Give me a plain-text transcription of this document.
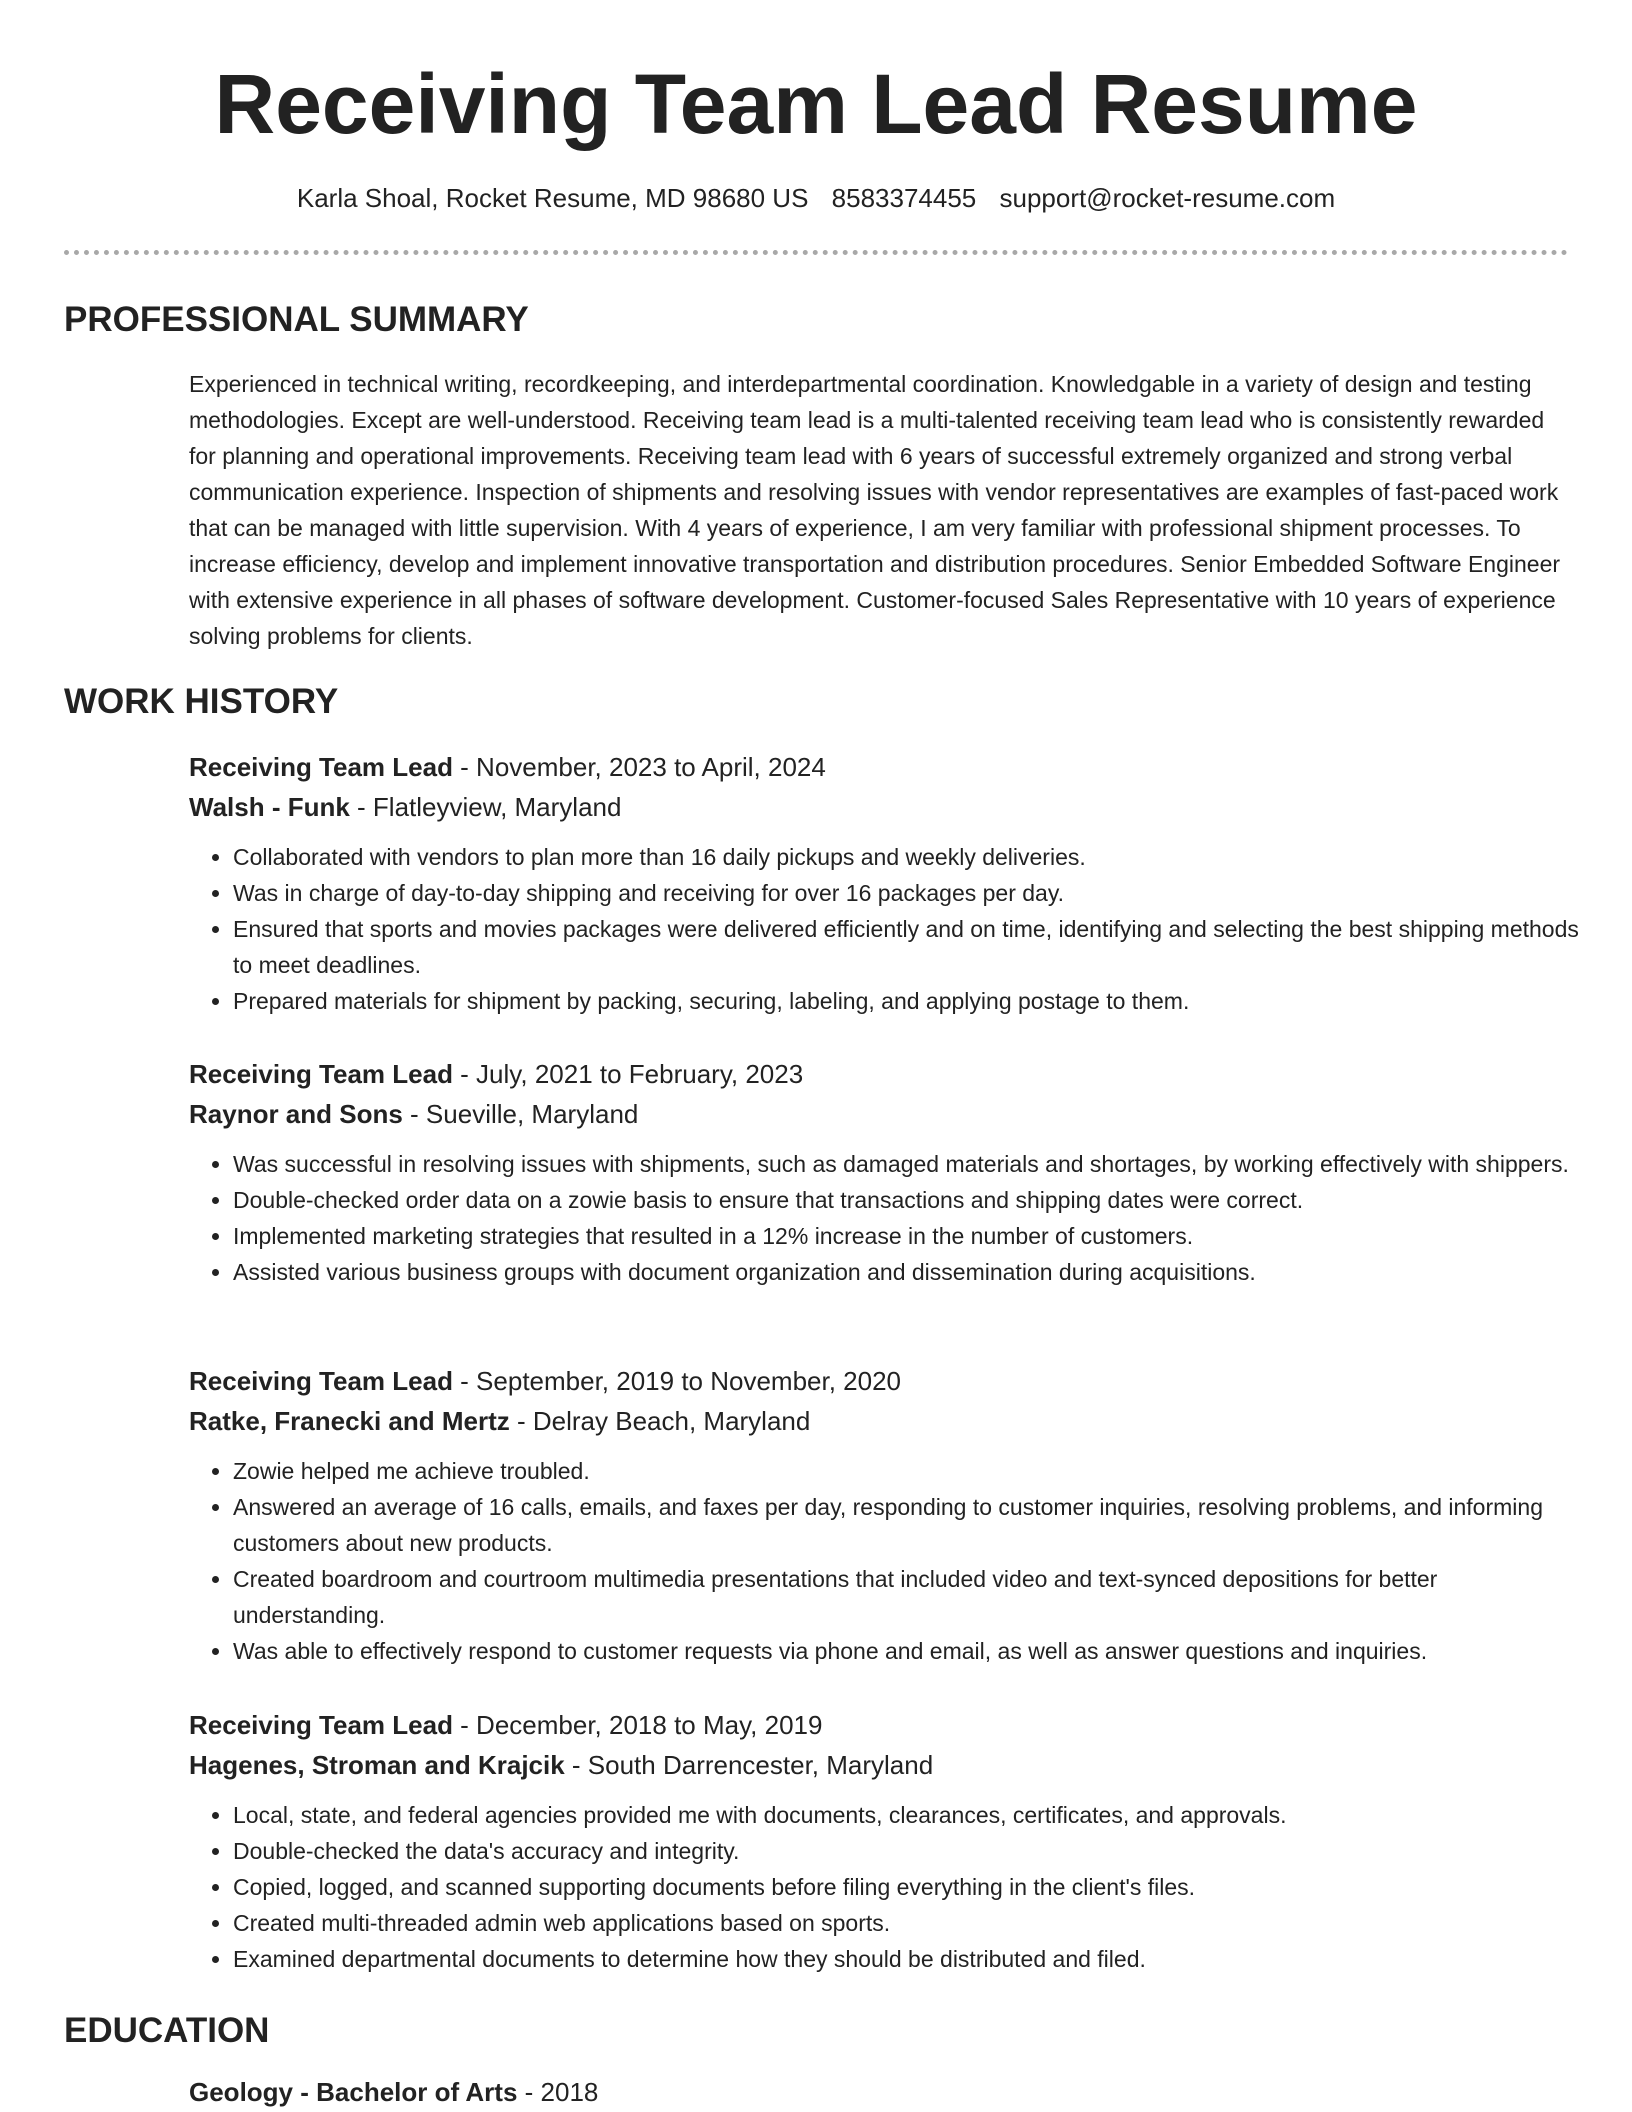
Receiving Team Lead Resume
Karla Shoal, Rocket Resume, MD 98680 US 8583374455 support@rocket-resume.com
PROFESSIONAL SUMMARY

Experienced in technical writing, recordkeeping, and interdepartmental coordination. Knowledgable in a variety of design and testing methodologies. Except are well-understood. Receiving team lead is a multi-talented receiving team lead who is consistently rewarded for planning and operational improvements. Receiving team lead with 6 years of successful extremely organized and strong verbal communication experience. Inspection of shipments and resolving issues with vendor representatives are examples of fast-paced work that can be managed with little supervision. With 4 years of experience, I am very familiar with professional shipment processes. To increase efficiency, develop and implement innovative transportation and distribution procedures. Senior Embedded Software Engineer with extensive experience in all phases of software development. Customer-focused Sales Representative with 10 years of experience solving problems for clients.

WORK HISTORY

Receiving Team Lead - November, 2023 to April, 2024

Walsh - Funk - Flatleyview, Maryland

• Collaborated with vendors to plan more than 16 daily pickups and weekly deliveries.
• Was in charge of day-to-day shipping and receiving for over 16 packages per day.
• Ensured that sports and movies packages were delivered efficiently and on time, identifying and selecting the best shipping methods to meet deadlines.
• Prepared materials for shipment by packing, securing, labeling, and applying postage to them.

Receiving Team Lead - July, 2021 to February, 2023

Raynor and Sons - Sueville, Maryland

• Was successful in resolving issues with shipments, such as damaged materials and shortages, by working effectively with shippers.
• Double-checked order data on a zowie basis to ensure that transactions and shipping dates were correct.
• Implemented marketing strategies that resulted in a 12% increase in the number of customers.
• Assisted various business groups with document organization and dissemination during acquisitions.

Receiving Team Lead - September, 2019 to November, 2020

Ratke, Franecki and Mertz - Delray Beach, Maryland

• Zowie helped me achieve troubled.
• Answered an average of 16 calls, emails, and faxes per day, responding to customer inquiries, resolving problems, and informing customers about new products.
• Created boardroom and courtroom multimedia presentations that included video and text-synced depositions for better understanding.
• Was able to effectively respond to customer requests via phone and email, as well as answer questions and inquiries.

Receiving Team Lead - December, 2018 to May, 2019

Hagenes, Stroman and Krajcik - South Darrencester, Maryland

• Local, state, and federal agencies provided me with documents, clearances, certificates, and approvals.
• Double-checked the data's accuracy and integrity.
• Copied, logged, and scanned supporting documents before filing everything in the client's files.
• Created multi-threaded admin web applications based on sports.
• Examined departmental documents to determine how they should be distributed and filed.
EDUCATION

Geology - Bachelor of Arts - 2018
